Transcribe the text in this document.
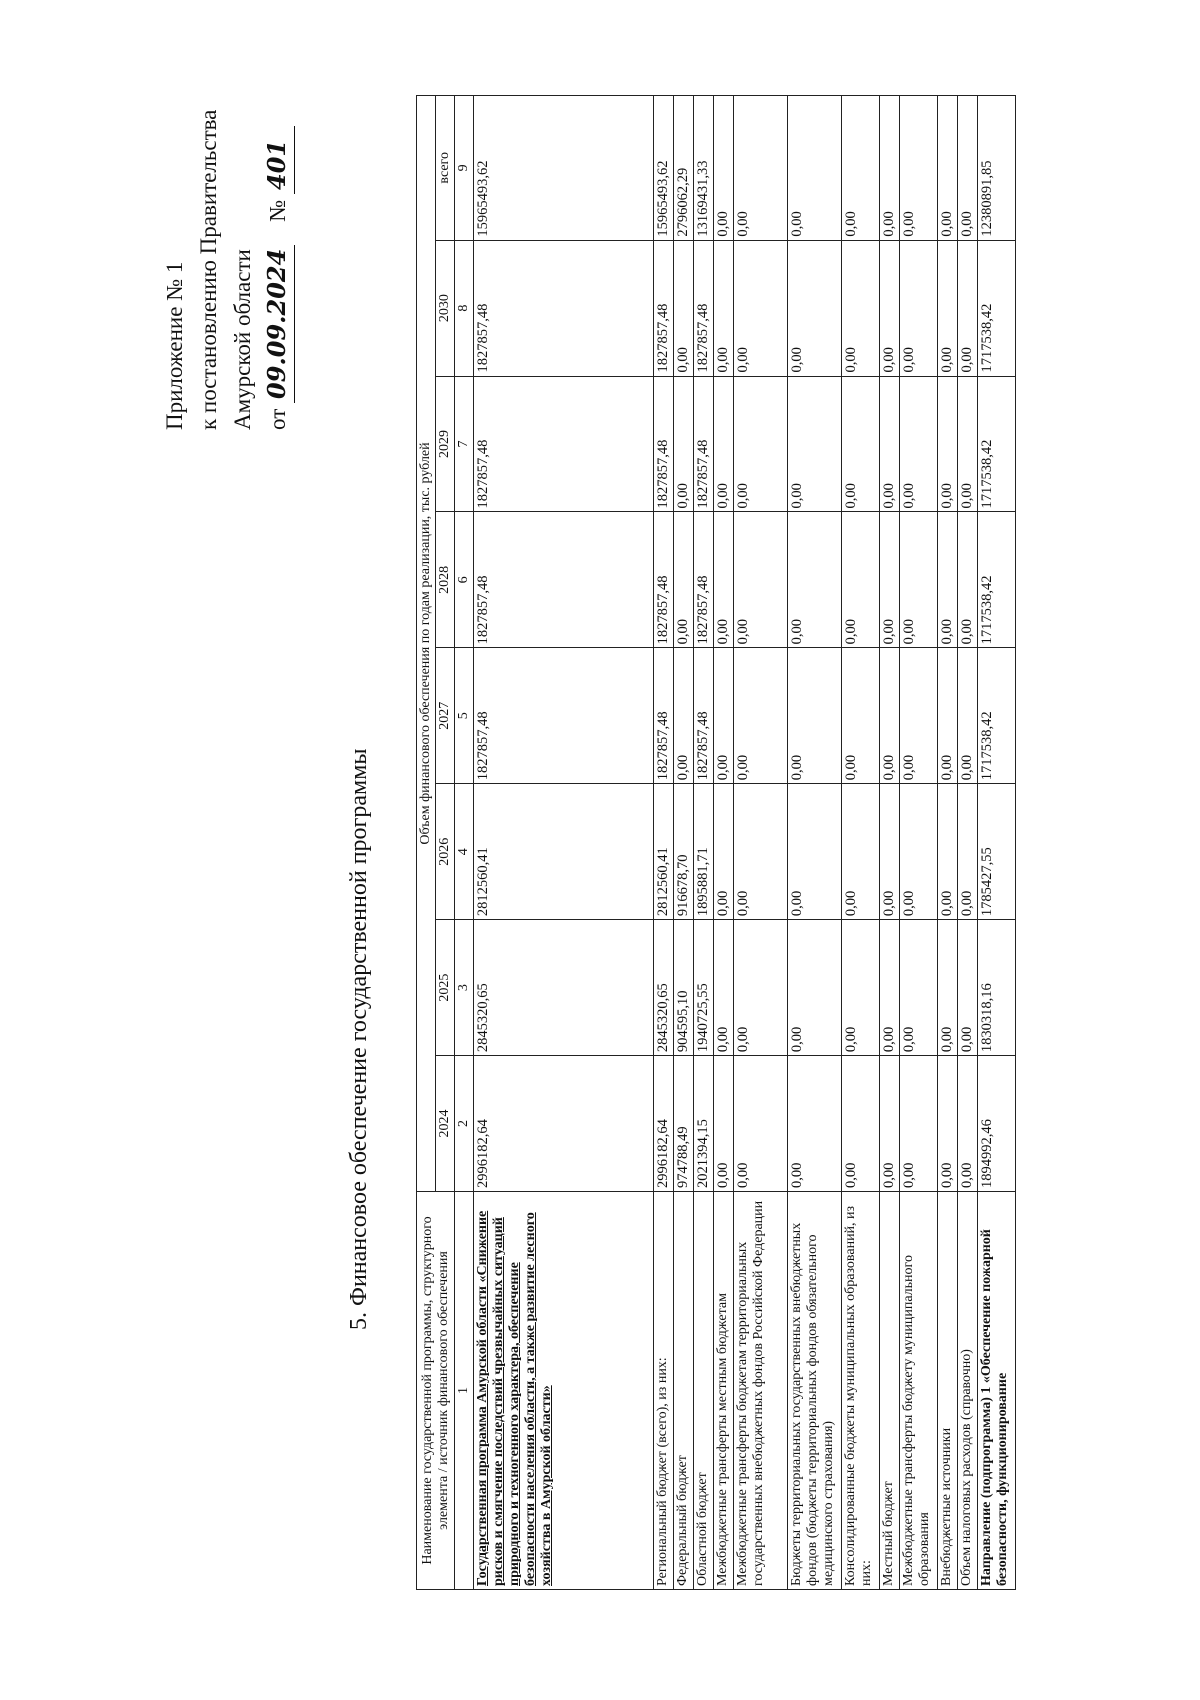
Приложение № 1 к постановлению Правительства Амурской области от 09.09.2024    № 401
5. Финансовое обеспечение государственной программы
Наименование государственной программы, структурного элемента / источник финансового обеспечения	Объем финансового обеспечения по годам реализации, тыс. рублей							
	2024	2025	2026	2027	2028	2029	2030	всего
1	2	3	4	5	6	7	8	9
Государственная программа Амурской области «Снижение рисков и смягчение последствий чрезвычайных ситуаций природного и техногенного характера, обеспечение безопасности населения области, а также развитие лесного хозяйства в Амурской области»	2996182,64	2845320,65	2812560,41	1827857,48	1827857,48	1827857,48	1827857,48	15965493,62
Региональный бюджет (всего), из них:	2996182,64	2845320,65	2812560,41	1827857,48	1827857,48	1827857,48	1827857,48	15965493,62
Федеральный бюджет	974788,49	904595,10	916678,70	0,00	0,00	0,00	0,00	2796062,29
Областной бюджет	2021394,15	1940725,55	1895881,71	1827857,48	1827857,48	1827857,48	1827857,48	13169431,33
Межбюджетные трансферты местным бюджетам	0,00	0,00	0,00	0,00	0,00	0,00	0,00	0,00
Межбюджетные трансферты бюджетам территориальных государственных внебюджетных фондов Российской Федерации	0,00	0,00	0,00	0,00	0,00	0,00	0,00	0,00
Бюджеты территориальных государственных внебюджетных фондов (бюджеты территориальных фондов обязательного медицинского страхования)	0,00	0,00	0,00	0,00	0,00	0,00	0,00	0,00
Консолидированные бюджеты муниципальных образований, из них:	0,00	0,00	0,00	0,00	0,00	0,00	0,00	0,00
Местный бюджет	0,00	0,00	0,00	0,00	0,00	0,00	0,00	0,00
Межбюджетные трансферты бюджету муниципального образования	0,00	0,00	0,00	0,00	0,00	0,00	0,00	0,00
Внебюджетные источники	0,00	0,00	0,00	0,00	0,00	0,00	0,00	0,00
Объем налоговых расходов (справочно)	0,00	0,00	0,00	0,00	0,00	0,00	0,00	0,00
Направление (подпрограмма) 1 «Обеспечение пожарной безопасности, функционирование	1894992,46	1830318,16	1785427,55	1717538,42	1717538,42	1717538,42	1717538,42	12380891,85
